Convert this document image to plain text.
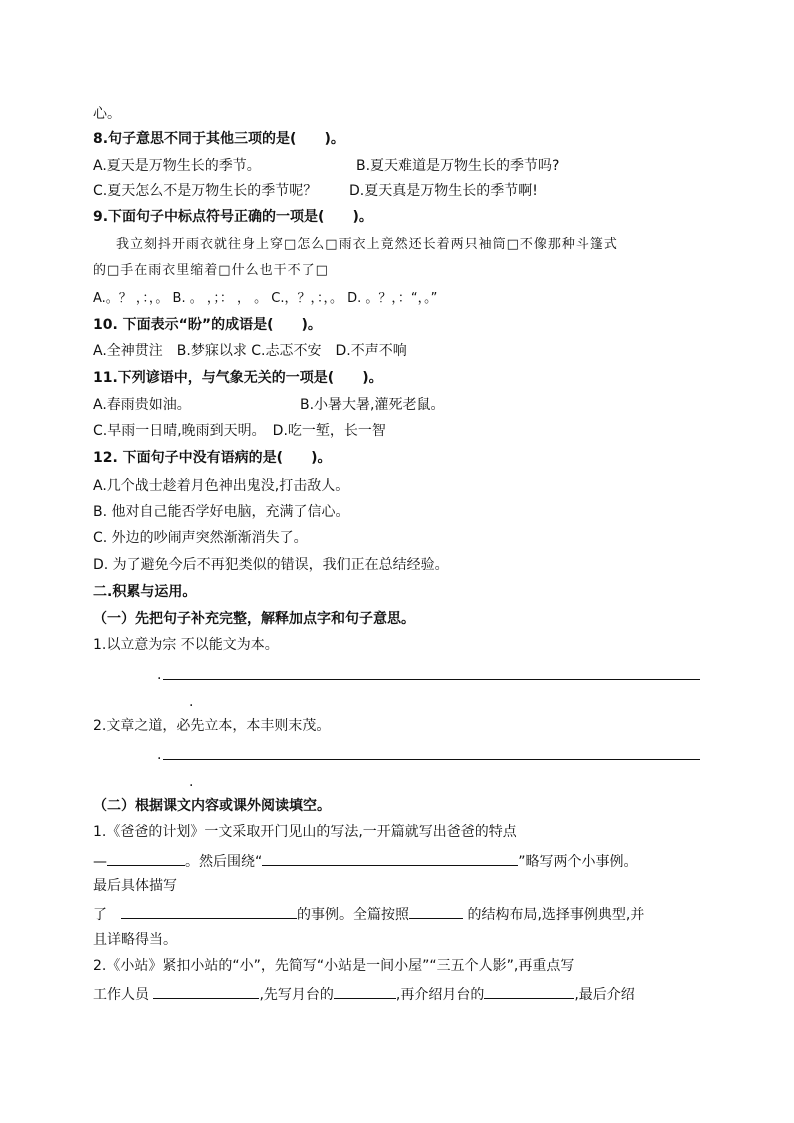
心。
8.句子意思不同于其他三项的是(　　)。
A.夏天是万物生长的季节。	B.夏天难道是万物生长的季节吗?
C.夏天怎么不是万物生长的季节呢？ D.夏天真是万物生长的季节啊!
9.下面句子中标点符号正确的一项是(　　)。
　我立刻抖开雨衣就往身上穿□怎么□雨衣上竟然还长着两只袖筒□不像那种斗篷式
的□手在雨衣里缩着□什么也干不了□
A.。？ ，：，。 B. 。 ，；： ， 。 C.，？，：，。 D. 。？，：“，。”
10. 下面表示“盼”的成语是(　　)。
A.全神贯注　B.梦寐以求 C.忐忑不安　D.不声不响
11.下列谚语中，与气象无关的一项是(　　)。
A.春雨贵如油。	B.小暑大暑,灌死老鼠。
C.早雨一日晴,晚雨到天明。　D.吃一堑，长一智
12. 下面句子中没有语病的是(　　)。
A.几个战士趁着月色神出鬼没,打击敌人。
B. 他对自己能否学好电脑，充满了信心。
C. 外边的吵闹声突然渐渐消失了。
D. 为了避免今后不再犯类似的错误，我们正在总结经验。
二.积累与运用。
（一）先把句子补充完整，解释加点字和句子意思。
1.以立意为宗 不以能文为本。
.
.
2.文章之道，必先立本，本丰则末茂。
.
.
（二）根据课文内容或课外阅读填空。
1.《爸爸的计划》一文采取开门见山的写法,一开篇就写出爸爸的特点
—	。然后围绕“	”略写两个小事例。
最后具体描写
了　	的事例。全篇按照	的结构布局,选择事例典型,并
且详略得当。
2.《小站》紧扣小站的“小”，先简写“小站是一间小屋”“三五个人影”,再重点写
工作人员	,先写月台的	,再介绍月台的	,最后介绍
